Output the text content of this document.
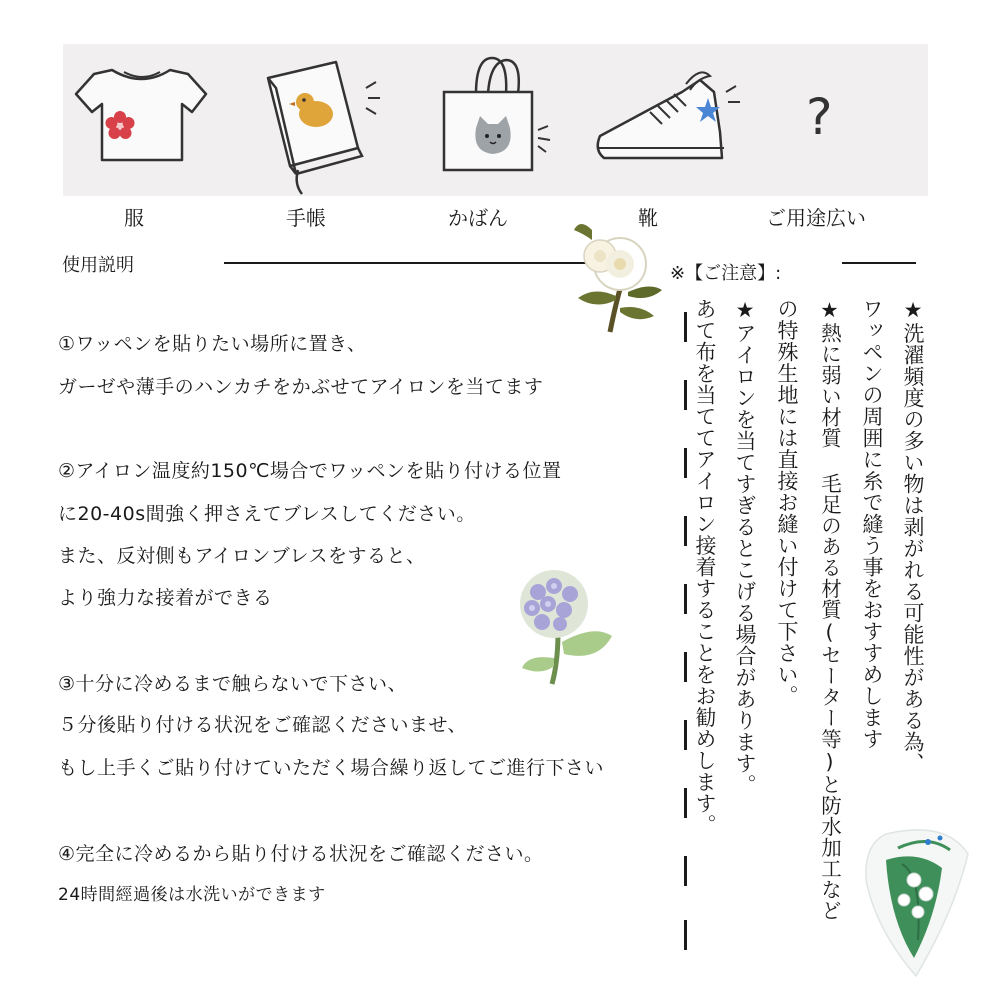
?
服	手帳	かばん	靴	ご用途広い
使用説明
①ワッペンを貼りたい場所に置き、
ガーゼや薄手のハンカチをかぶせてアイロンを当てます
②アイロン温度約150℃場合でワッペンを貼り付ける位置
に20-40s間強く押さえてブレスしてください。
また、反対側もアイロンブレスをすると、
より強力な接着ができる
③十分に冷めるまで触らないで下さい、
５分後貼り付ける状況をご確認くださいませ、
もし上手くご貼り付けていただく場合繰り返してご進行下さい
④完全に冷めるから貼り付ける状況をご確認ください。
24時間經過後は水洗いができます
※【ご注意】:
★洗濯頻度の多い物は剥がれる可能性がある為、
ワッペンの周囲に糸で縫う事をおすすめします
★熱に弱い材質 毛足のある材質(セーター等)と防水加工など
の特殊生地には直接お縫い付けて下さい。
★アイロンを当てすぎるとこげる場合があります。
あて布を当ててアイロン接着することをお勧めします。
